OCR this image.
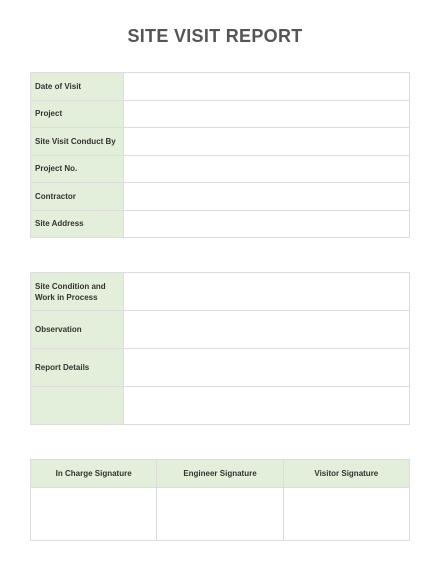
SITE VISIT REPORT
Date of Visit	
Project	
Site Visit Conduct By	
Project No.	
Contractor	
Site Address	
Site Condition and Work in Process	
Observation	
Report Details	

In Charge Signature	Engineer Signature	Visitor Signature
